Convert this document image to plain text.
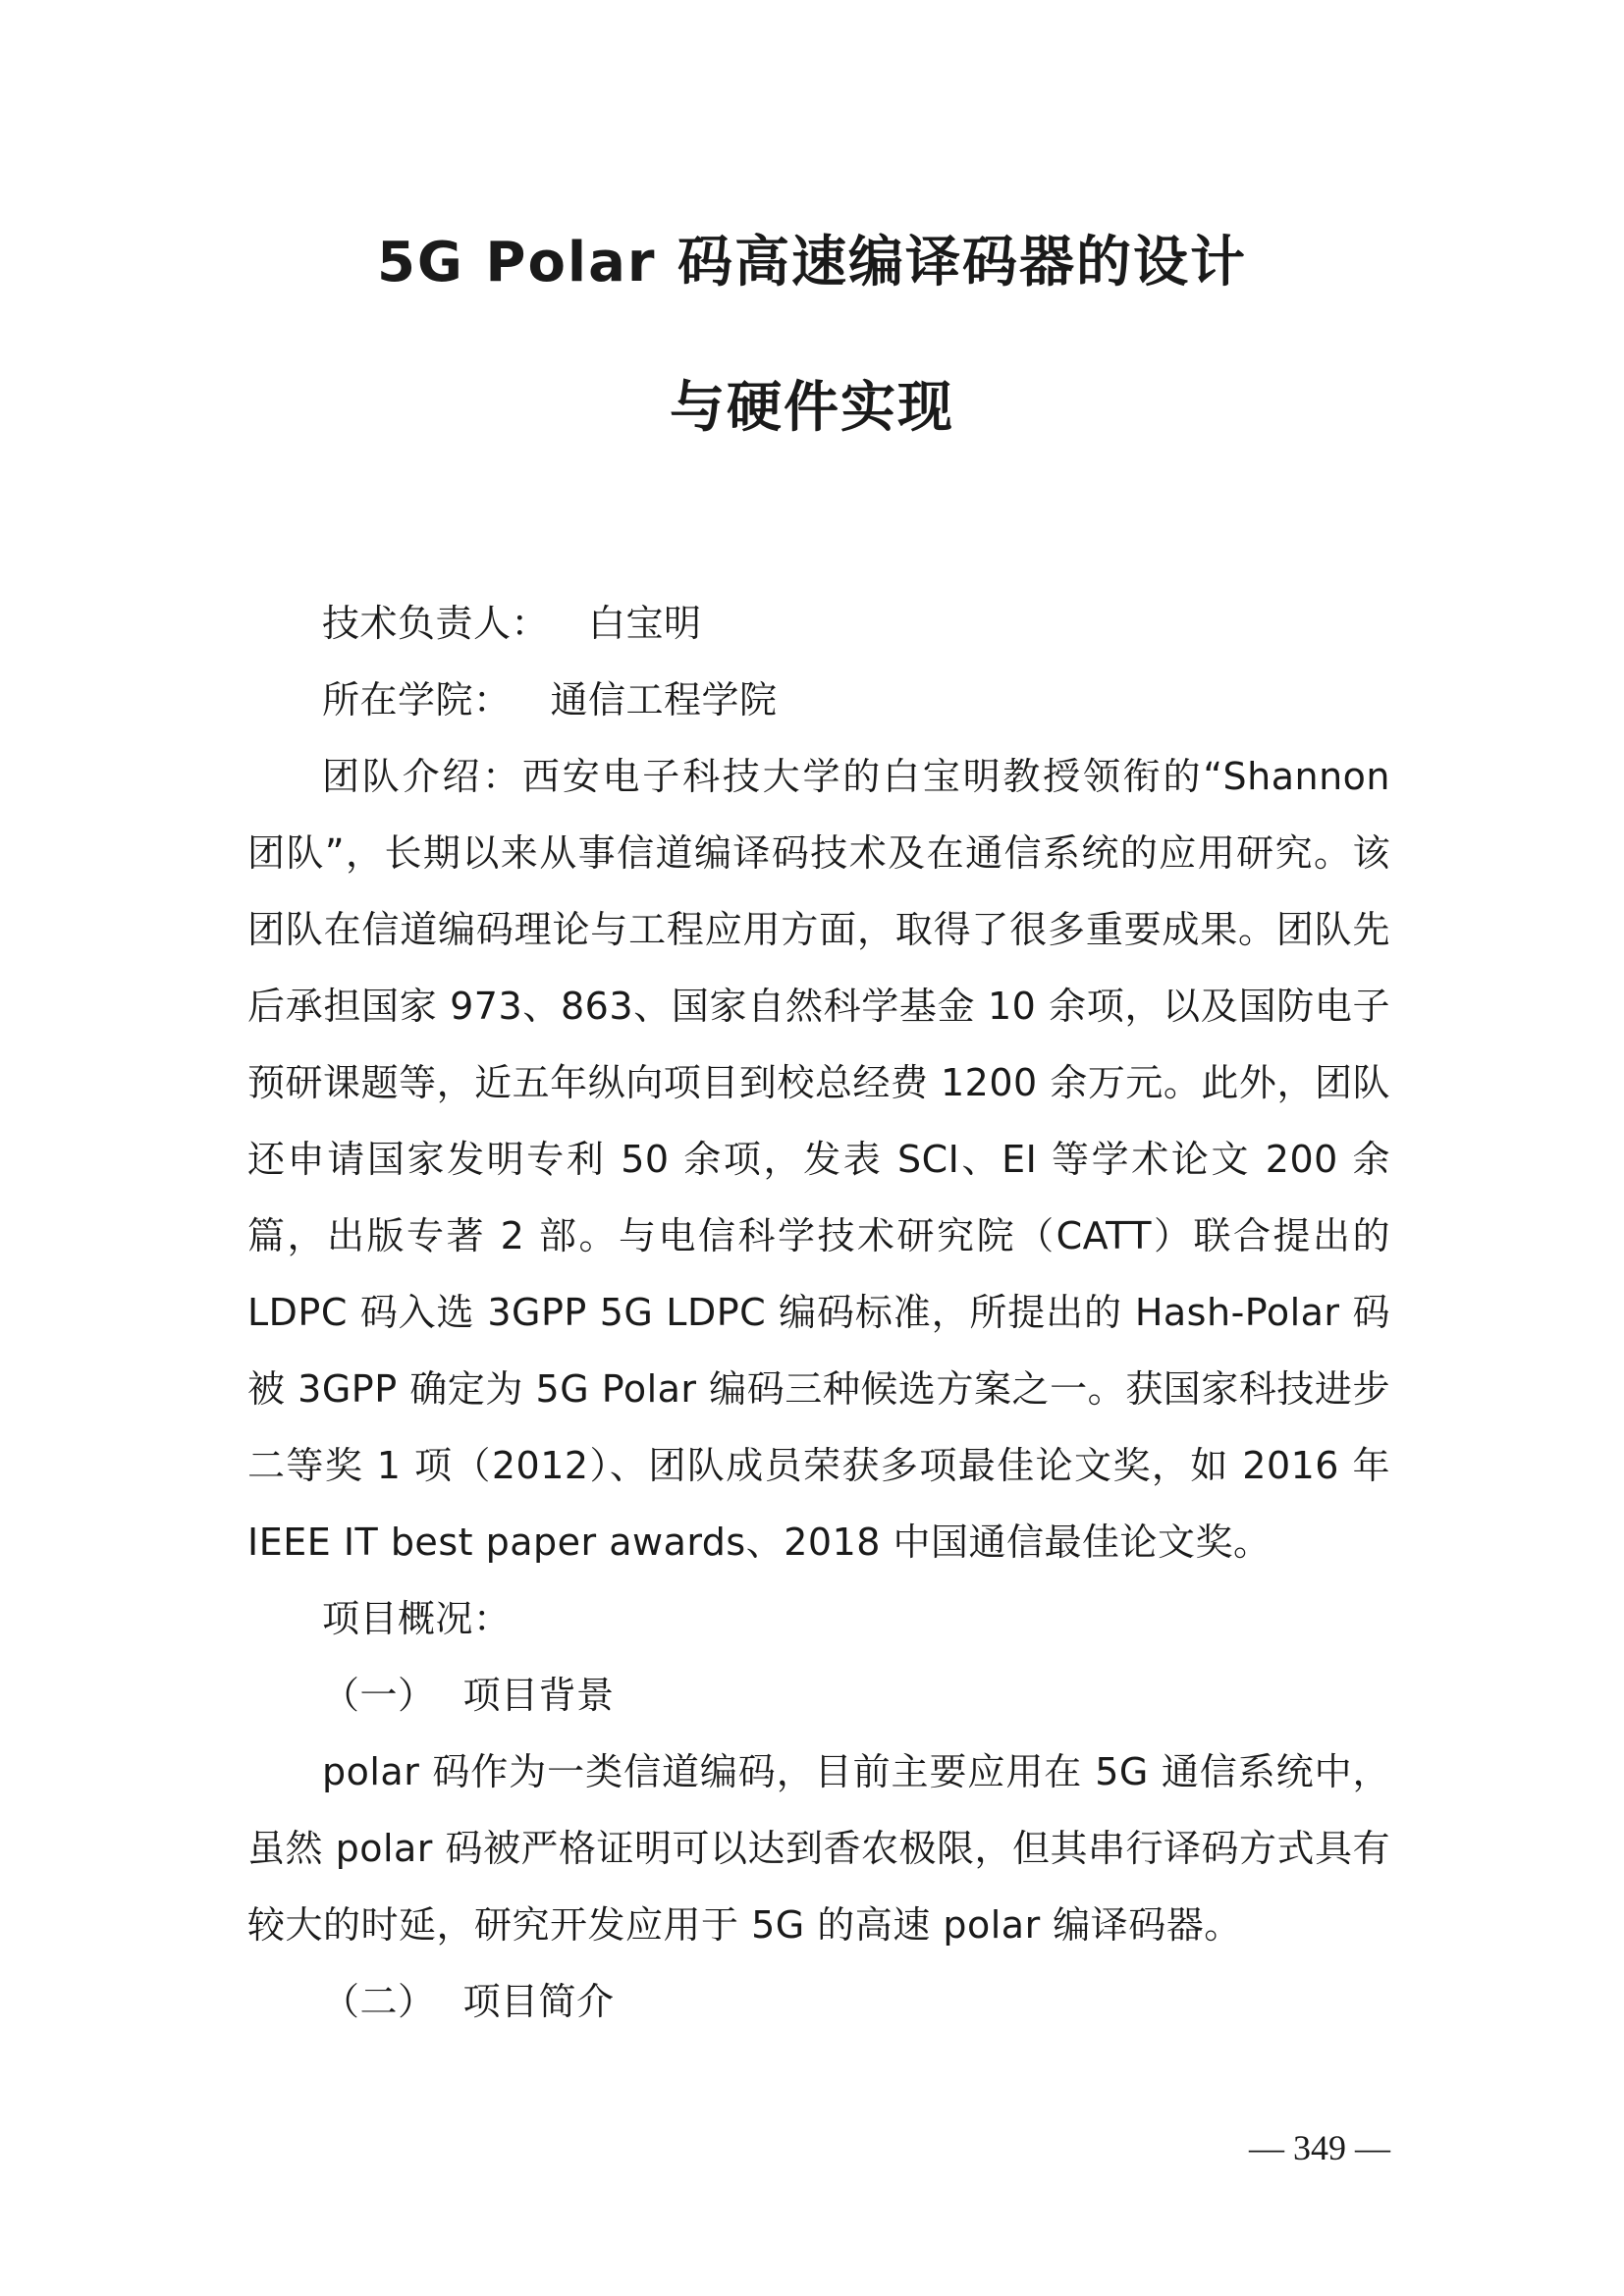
5G Polar 码高速编译码器的设计
与硬件实现
技术负责人： 白宝明
所在学院： 通信工程学院

团队介绍：西安电子科技大学的白宝明教授领衔的“Shannon 团队”，长期以来从事信道编译码技术及在通信系统的应用研究。该团队在信道编码理论与工程应用方面，取得了很多重要成果。团队先后承担国家 973、863、国家自然科学基金 10 余项，以及国防电子预研课题等，近五年纵向项目到校总经费 1200 余万元。此外，团队还申请国家发明专利 50 余项，发表 SCI、EI 等学术论文 200 余篇，出版专著 2 部。与电信科学技术研究院（CATT）联合提出的 LDPC 码入选 3GPP 5G LDPC 编码标准，所提出的 Hash-Polar 码被 3GPP 确定为 5G Polar 编码三种候选方案之一。获国家科技进步二等奖 1 项（2012）、团队成员荣获多项最佳论文奖，如 2016 年 IEEE IT best paper awards、2018 中国通信最佳论文奖。

项目概况：
（一） 项目背景

polar 码作为一类信道编码，目前主要应用在 5G 通信系统中，虽然 polar 码被严格证明可以达到香农极限，但其串行译码方式具有较大的时延，研究开发应用于 5G 的高速 polar 编译码器。

（二） 项目简介
— 349 —
